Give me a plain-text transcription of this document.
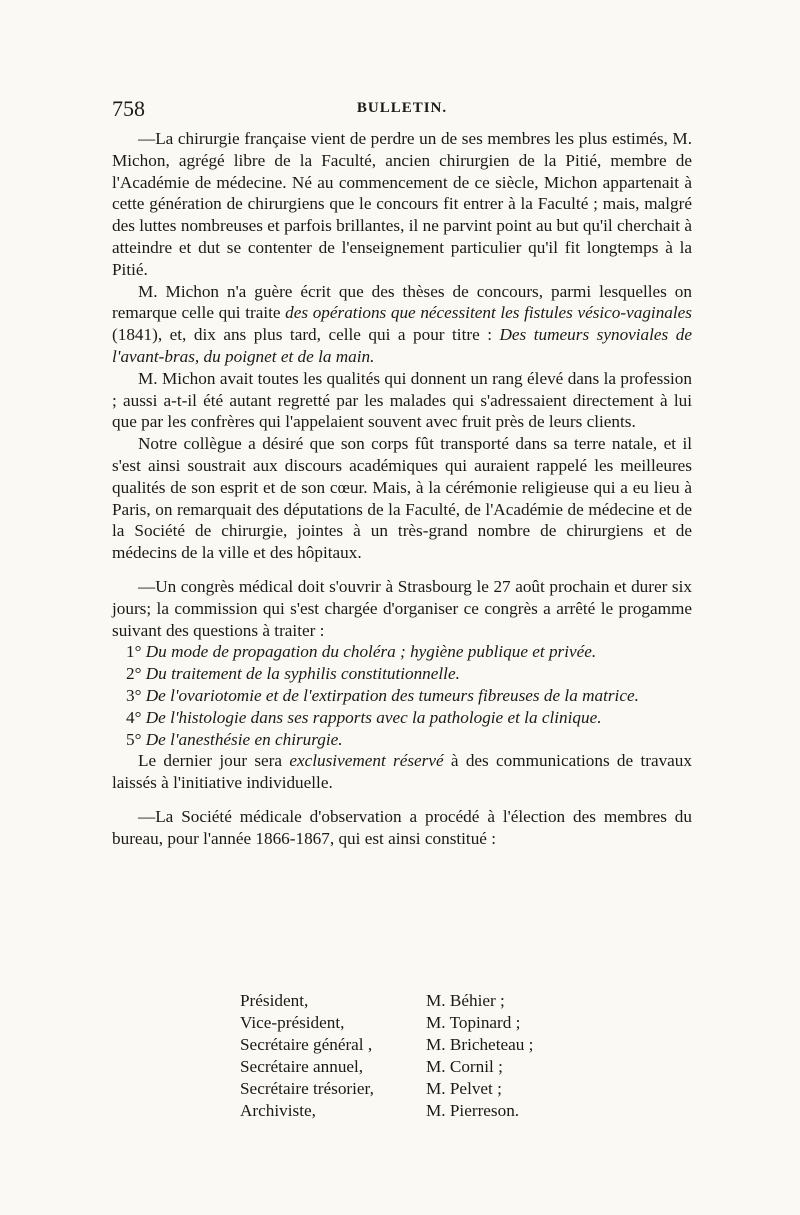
758	BULLETIN.

—La chirurgie française vient de perdre un de ses membres les plus estimés, M. Michon, agrégé libre de la Faculté, ancien chirurgien de la Pitié, membre de l'Académie de médecine. Né au commencement de ce siècle, Michon appartenait à cette génération de chirurgiens que le concours fit entrer à la Faculté ; mais, malgré des luttes nombreuses et parfois brillantes, il ne parvint point au but qu'il cherchait à atteindre et dut se contenter de l'enseignement particulier qu'il fit longtemps à la Pitié.

M. Michon n'a guère écrit que des thèses de concours, parmi lesquelles on remarque celle qui traite des opérations que nécessitent les fistules vésico-vaginales (1841), et, dix ans plus tard, celle qui a pour titre : Des tumeurs synoviales de l'avant-bras, du poignet et de la main.

M. Michon avait toutes les qualités qui donnent un rang élevé dans la profession ; aussi a-t-il été autant regretté par les malades qui s'adressaient directement à lui que par les confrères qui l'appelaient souvent avec fruit près de leurs clients.

Notre collègue a désiré que son corps fût transporté dans sa terre natale, et il s'est ainsi soustrait aux discours académiques qui auraient rappelé les meilleures qualités de son esprit et de son cœur. Mais, à la cérémonie religieuse qui a eu lieu à Paris, on remarquait des députations de la Faculté, de l'Académie de médecine et de la Société de chirurgie, jointes à un très-grand nombre de chirurgiens et de médecins de la ville et des hôpitaux.

—Un congrès médical doit s'ouvrir à Strasbourg le 27 août prochain et durer six jours; la commission qui s'est chargée d'organiser ce congrès a arrêté le progamme suivant des questions à traiter :

1° Du mode de propagation du choléra ; hygiène publique et privée.

2° Du traitement de la syphilis constitutionnelle.

3° De l'ovariotomie et de l'extirpation des tumeurs fibreuses de la matrice.

4° De l'histologie dans ses rapports avec la pathologie et la clinique.

5° De l'anesthésie en chirurgie.

Le dernier jour sera exclusivement réservé à des communications de travaux laissés à l'initiative individuelle.

—La Société médicale d'observation a procédé à l'élection des membres du bureau, pour l'année 1866-1867, qui est ainsi constitué :

Président,	M. Béhier ;
Vice-président,	M. Topinard ;
Secrétaire général ,	M. Bricheteau ;
Secrétaire annuel,	M. Cornil ;
Secrétaire trésorier,	M. Pelvet ;
Archiviste,	M. Pierreson.
